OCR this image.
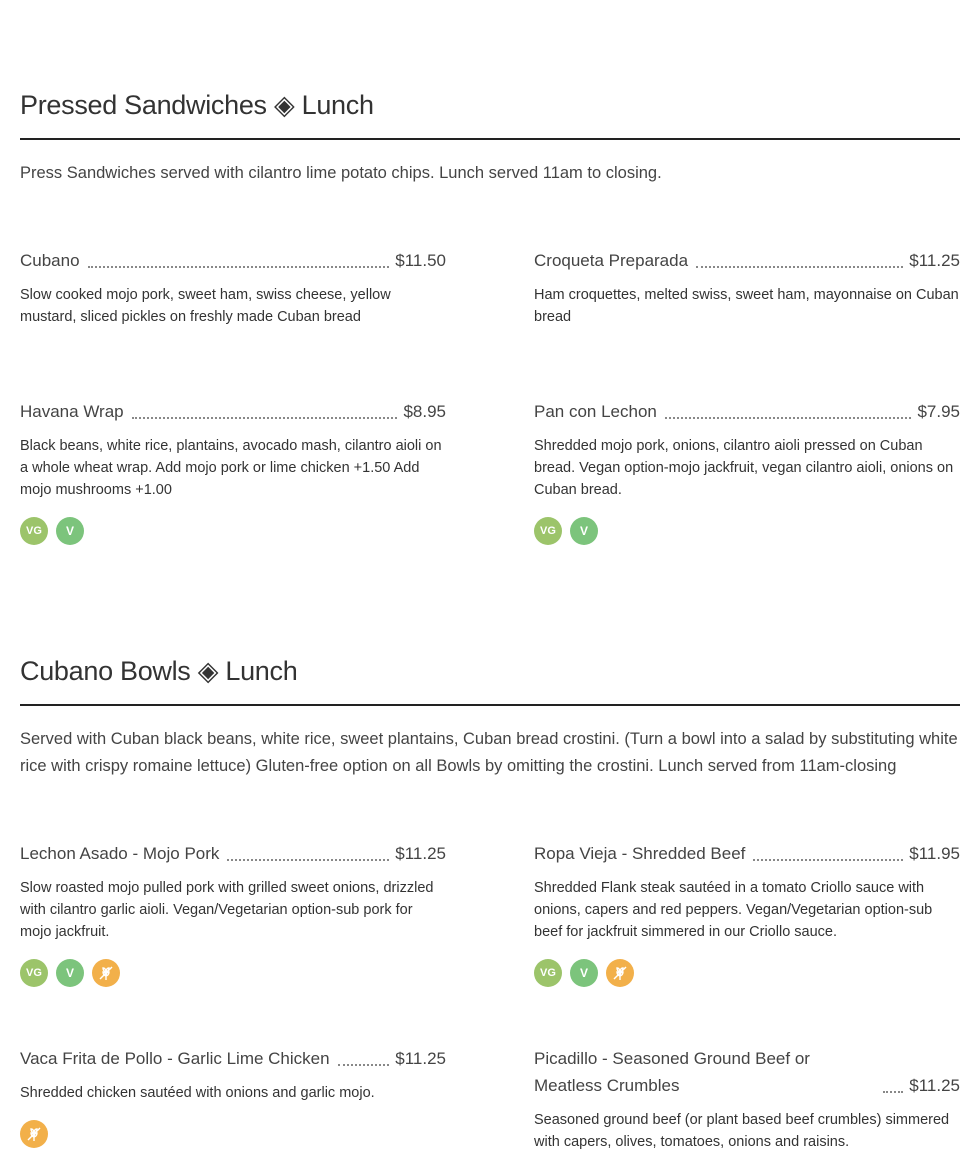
Pressed Sandwiches ◈ Lunch
Press Sandwiches served with cilantro lime potato chips. Lunch served 11am to closing.
Cubano	$11.50
Slow cooked mojo pork, sweet ham, swiss cheese, yellow mustard, sliced pickles on freshly made Cuban bread
Croqueta Preparada	$11.25
Ham croquettes, melted swiss, sweet ham, mayonnaise on Cuban bread
Havana Wrap	$8.95
Black beans, white rice, plantains, avocado mash, cilantro aioli on a whole wheat wrap. Add mojo pork or lime chicken +1.50 Add mojo mushrooms +1.00
VG	V
Pan con Lechon	$7.95
Shredded mojo pork, onions, cilantro aioli pressed on Cuban bread. Vegan option-mojo jackfruit, vegan cilantro aioli, onions on Cuban bread.
VG	V
Cubano Bowls ◈ Lunch
Served with Cuban black beans, white rice, sweet plantains, Cuban bread crostini. (Turn a bowl into a salad by substituting white rice with crispy romaine lettuce) Gluten-free option on all Bowls by omitting the crostini. Lunch served from 11am-closing
Lechon Asado - Mojo Pork	$11.25
Slow roasted mojo pulled pork with grilled sweet onions, drizzled with cilantro garlic aioli. Vegan/Vegetarian option-sub pork for mojo jackfruit.
VG	V
Ropa Vieja - Shredded Beef	$11.95
Shredded Flank steak sautéed in a tomato Criollo sauce with onions, capers and red peppers. Vegan/Vegetarian option-sub beef for jackfruit simmered in our Criollo sauce.
VG	V
Vaca Frita de Pollo - Garlic Lime Chicken	$11.25
Shredded chicken sautéed with onions and garlic mojo.
Picadillo - Seasoned Ground Beef or Meatless Crumbles	$11.25
Seasoned ground beef (or plant based beef crumbles) simmered with capers, olives, tomatoes, onions and raisins.
